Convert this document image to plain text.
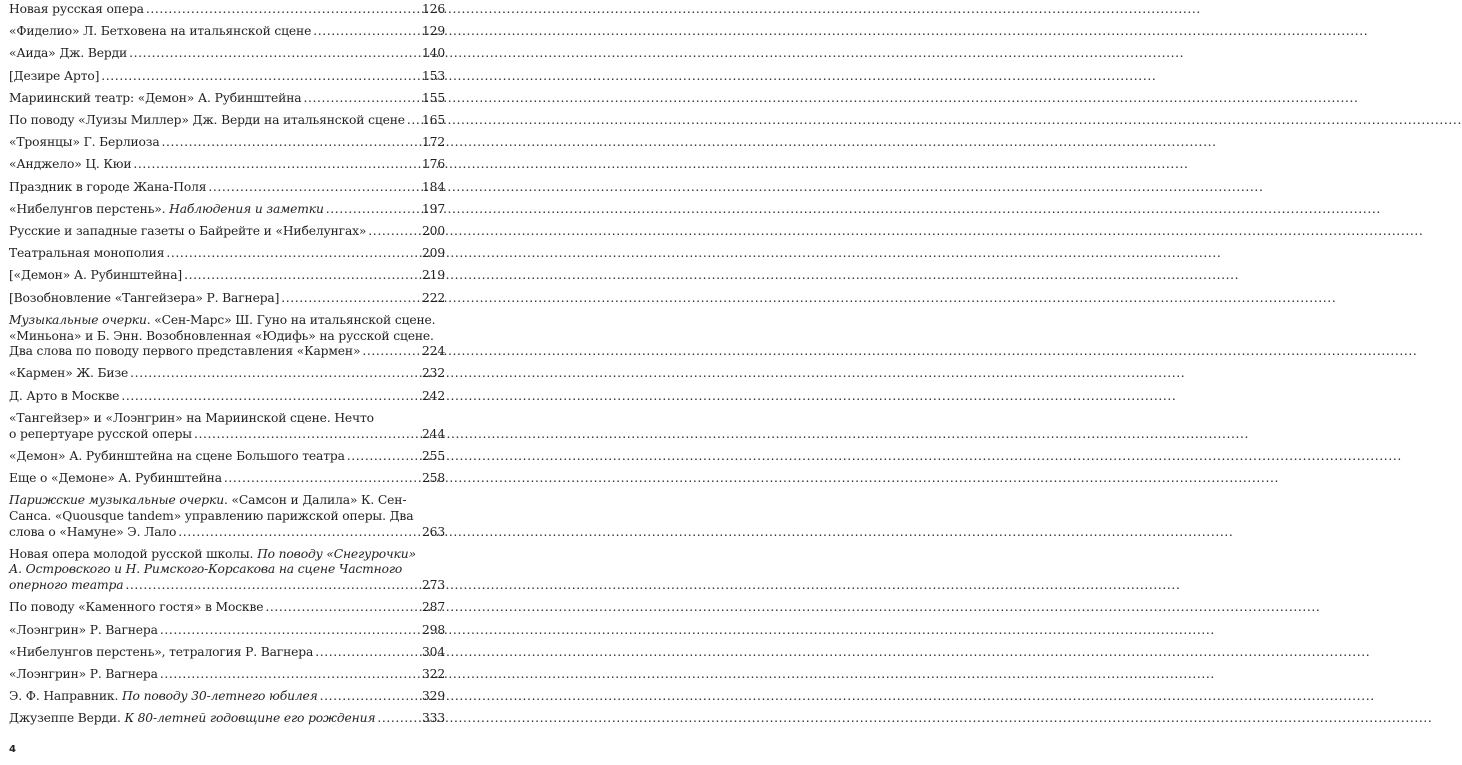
Новая русская опера .....	126
«Фиделио» Л. Бетховена на итальянской сцене .....	129
«Аида» Дж. Верди .....	140
[Дезире Арто] .....	153
Мариинский театр: «Демон» А. Рубинштейна .....	155
По поводу «Луизы Миллер» Дж. Верди на итальянской сцене ..... 165
«Троянцы» Г. Берлиоза .....	172
«Анджело» Ц. Кюи .....	176
Праздник в городе Жана-Поля .....	184
«Нибелунгов перстень». Наблюдения и заметки .....	197
Русские и западные газеты о Байрейте и «Нибелунгах» .....	200
Театральная монополия .....	209
[«Демон» А. Рубинштейна] .....	219
[Возобновление «Тангейзера» Р. Вагнера] .....	222
Музыкальные очерки. «Сен-Марс» Ш. Гуно на итальянской сцене.
«Миньона» и Б. Энн. Возобновленная «Юдифь» на русской сцене.
Два слова по поводу первого представления «Кармен» .....	224
«Кармен» Ж. Бизе .....	232
Д. Арто в Москве .....	242
«Тангейзер» и «Лоэнгрин» на Мариинской сцене. Нечто
о репертуаре русской оперы .....	244
«Демон» А. Рубинштейна на сцене Большого театра .....	255
Еще о «Демоне» А. Рубинштейна .....	258
Парижские музыкальные очерки. «Самсон и Далила» К. Сен-
Санса. «Quousque tandem» управлению парижской оперы. Два
слова о «Намуне» Э. Лало .....	263
Новая опера молодой русской школы. По поводу «Снегурочки»
А. Островского и Н. Римского-Корсакова на сцене Частного
оперного театра .....	273
По поводу «Каменного гостя» в Москве .....	287
«Лоэнгрин» Р. Вагнера .....	298
«Нибелунгов перстень», тетралогия Р. Вагнера .....	304
«Лоэнгрин» Р. Вагнера .....	322
Э. Ф. Направник. По поводу 30-летнего юбилея .....	329
Джузеппе Верди. К 80-летней годовщине его рождения .....	333
4
